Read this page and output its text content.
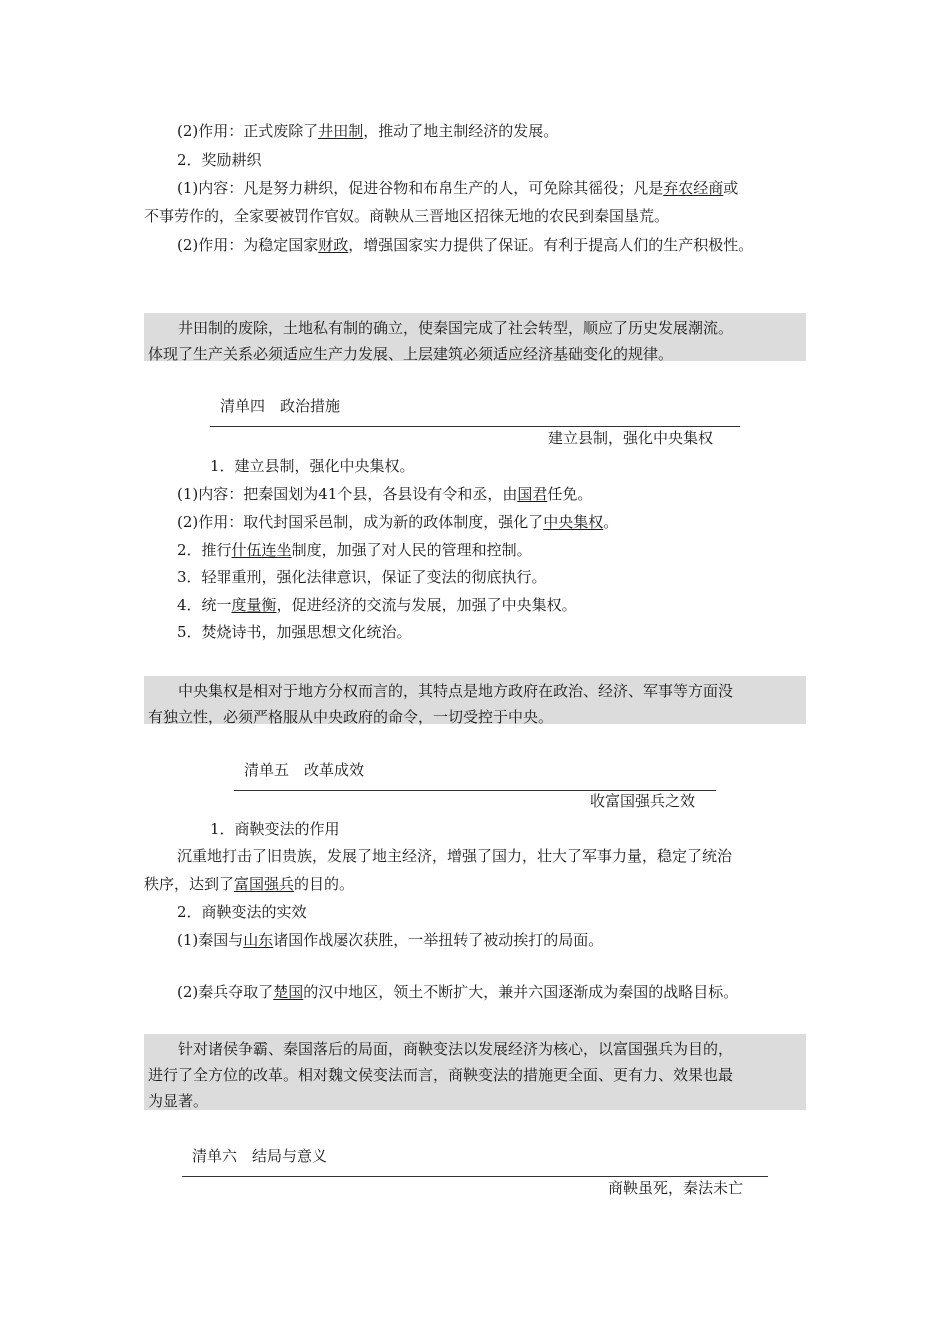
(2)作用：正式废除了井田制，推动了地主制经济的发展。
2．奖励耕织
(1)内容：凡是努力耕织，促进谷物和布帛生产的人，可免除其徭役；凡是弃农经商或
不事劳作的，全家要被罚作官奴。商鞅从三晋地区招徕无地的农民到秦国垦荒。
(2)作用：为稳定国家财政，增强国家实力提供了保证。有利于提高人们的生产积极性。

　　井田制的废除，土地私有制的确立，使秦国完成了社会转型，顺应了历史发展潮流。

体现了生产关系必须适应生产力发展、上层建筑必须适应经济基础变化的规律。

清单四　政治措施
建立县制，强化中央集权
1．建立县制，强化中央集权。
(1)内容：把秦国划为41个县，各县设有令和丞，由国君任免。
(2)作用：取代封国采邑制，成为新的政体制度，强化了中央集权。
2．推行什伍连坐制度，加强了对人民的管理和控制。
3．轻罪重刑，强化法律意识，保证了变法的彻底执行。
4．统一度量衡，促进经济的交流与发展，加强了中央集权。
5．焚烧诗书，加强思想文化统治。

　　中央集权是相对于地方分权而言的，其特点是地方政府在政治、经济、军事等方面没

有独立性，必须严格服从中央政府的命令，一切受控于中央。

清单五　改革成效
收富国强兵之效
1．商鞅变法的作用
沉重地打击了旧贵族，发展了地主经济，增强了国力，壮大了军事力量，稳定了统治
秩序，达到了富国强兵的目的。
2．商鞅变法的实效
(1)秦国与山东诸国作战屡次获胜，一举扭转了被动挨打的局面。
(2)秦兵夺取了楚国的汉中地区，领土不断扩大，兼并六国逐渐成为秦国的战略目标。

　　针对诸侯争霸、秦国落后的局面，商鞅变法以发展经济为核心，以富国强兵为目的，

进行了全方位的改革。相对魏文侯变法而言，商鞅变法的措施更全面、更有力、效果也最

为显著。

清单六　结局与意义
商鞅虽死，秦法未亡
